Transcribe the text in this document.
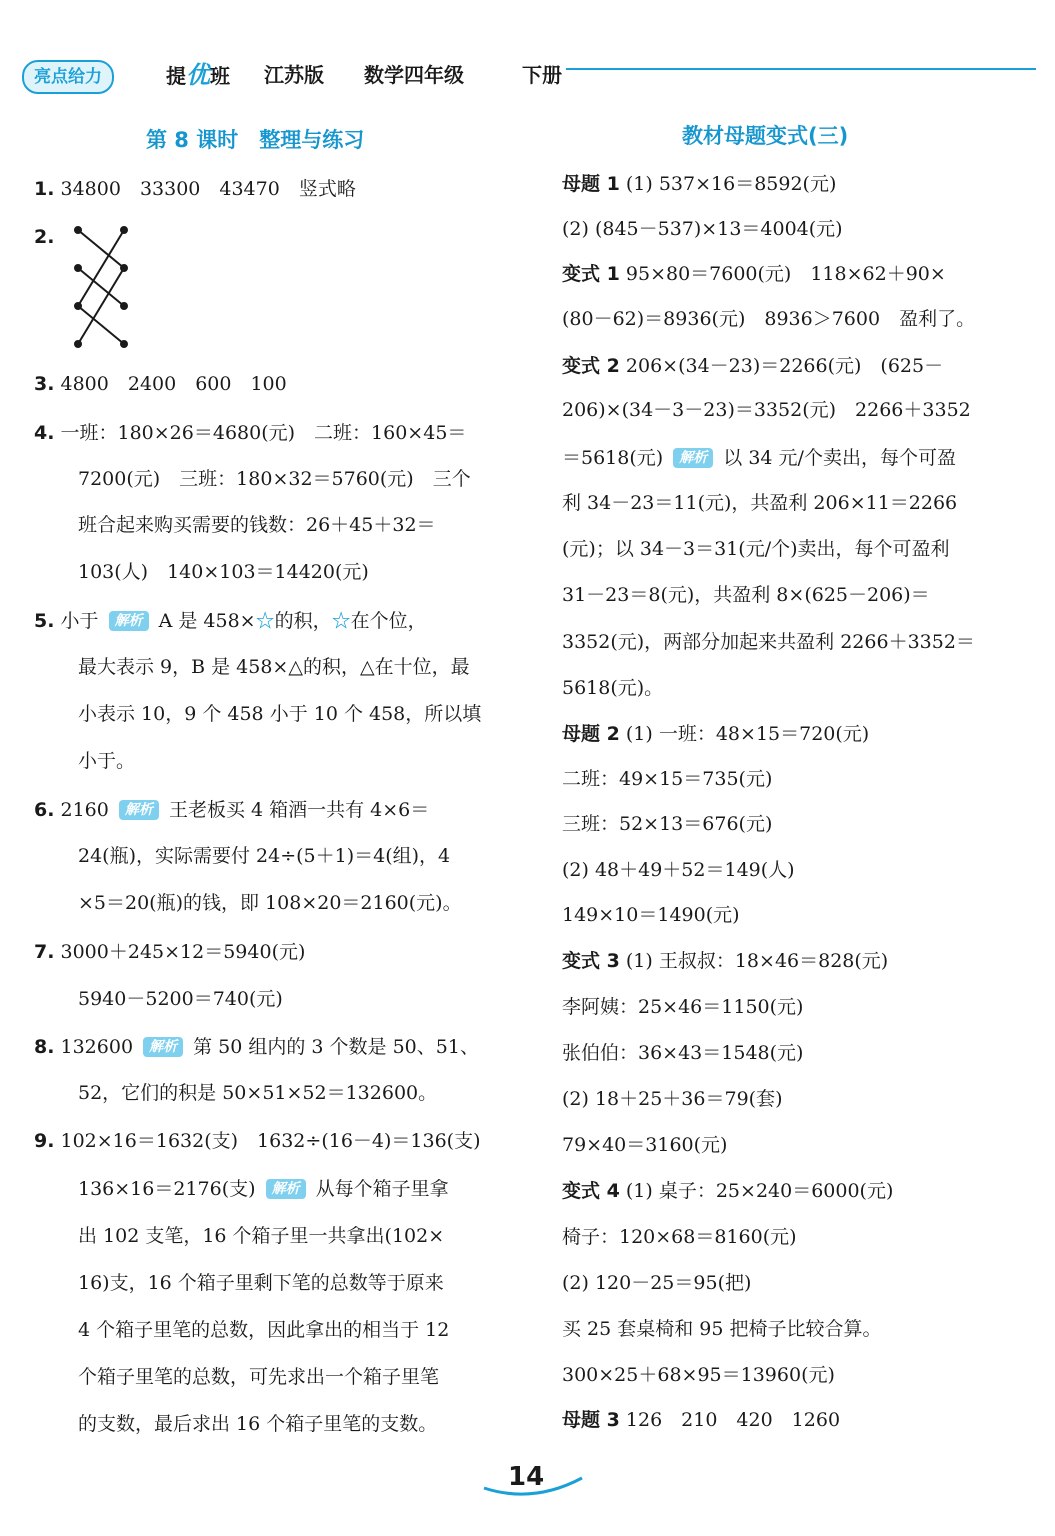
亮点给力	提优班 江苏版 数学四年级	下册
第 8 课时　整理与练习
1. 34800　33300　43470　竖式略
2.
3. 4800　2400　600　100
4. 一班：180×26＝4680(元)　二班：160×45＝
7200(元)　三班：180×32＝5760(元)　三个
班合起来购买需要的钱数：26＋45＋32＝
103(人)　140×103＝14420(元)
5. 小于 解析 A 是 458×☆的积，☆在个位，
最大表示 9，B 是 458×△的积，△在十位，最
小表示 10，9 个 458 小于 10 个 458，所以填
小于。
6. 2160 解析 王老板买 4 箱酒一共有 4×6＝
24(瓶)，实际需要付 24÷(5＋1)＝4(组)，4
×5＝20(瓶)的钱，即 108×20＝2160(元)。
7. 3000＋245×12＝5940(元)
5940－5200＝740(元)
8. 132600 解析 第 50 组内的 3 个数是 50、51、
52，它们的积是 50×51×52＝132600。
9. 102×16＝1632(支)　1632÷(16－4)＝136(支)
136×16＝2176(支) 解析 从每个箱子里拿
出 102 支笔，16 个箱子里一共拿出(102×
16)支，16 个箱子里剩下笔的总数等于原来
4 个箱子里笔的总数，因此拿出的相当于 12
个箱子里笔的总数，可先求出一个箱子里笔
的支数，最后求出 16 个箱子里笔的支数。
教材母题变式(三)
母题 1 (1) 537×16＝8592(元)
(2) (845－537)×13＝4004(元)
变式 1 95×80＝7600(元)　118×62＋90×
(80－62)＝8936(元)　8936＞7600　盈利了。
变式 2 206×(34－23)＝2266(元)　(625－
206)×(34－3－23)＝3352(元)　2266＋3352
＝5618(元) 解析 以 34 元/个卖出，每个可盈
利 34－23＝11(元)，共盈利 206×11＝2266
(元)；以 34－3＝31(元/个)卖出，每个可盈利
31－23＝8(元)，共盈利 8×(625－206)＝
3352(元)，两部分加起来共盈利 2266＋3352＝
5618(元)。
母题 2 (1) 一班：48×15＝720(元)
二班：49×15＝735(元)
三班：52×13＝676(元)
(2) 48＋49＋52＝149(人)
149×10＝1490(元)
变式 3 (1) 王叔叔：18×46＝828(元)
李阿姨：25×46＝1150(元)
张伯伯：36×43＝1548(元)
(2) 18＋25＋36＝79(套)
79×40＝3160(元)
变式 4 (1) 桌子：25×240＝6000(元)
椅子：120×68＝8160(元)
(2) 120－25＝95(把)
买 25 套桌椅和 95 把椅子比较合算。
300×25＋68×95＝13960(元)
母题 3 126　210　420　1260
14
